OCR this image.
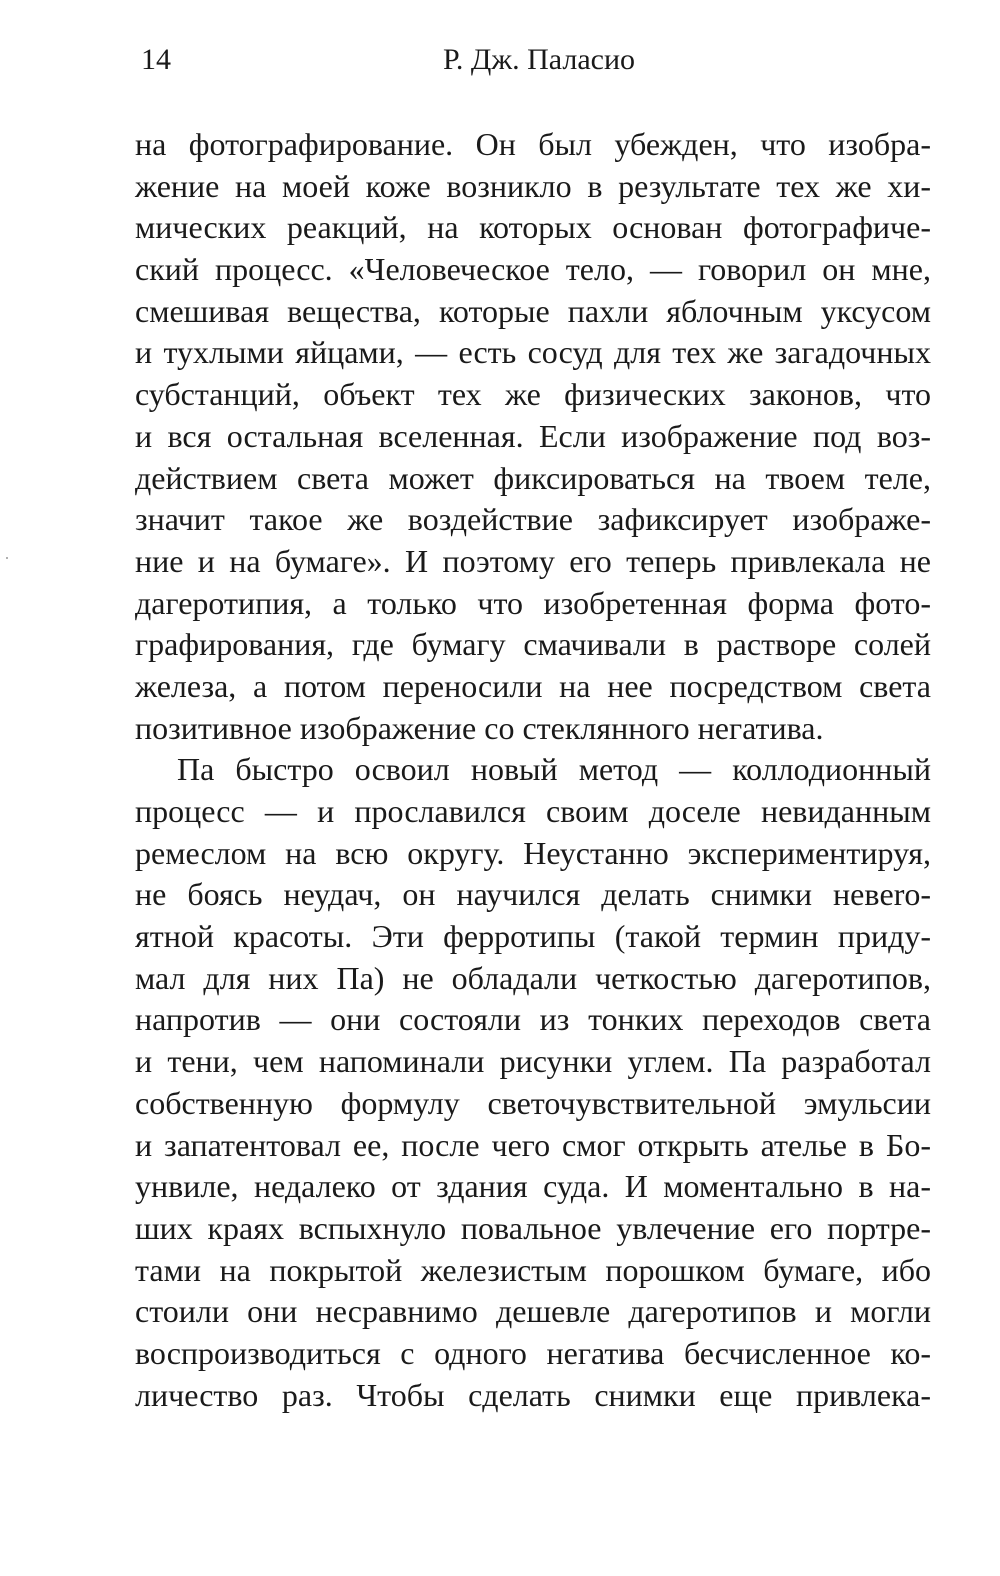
14	Р. Дж. Паласио
на фотографирование. Он был убежден, что изобра-
жение на моей коже возникло в результате тех же хи-
мических реакций, на которых основан фотографиче-
ский процесс. «Человеческое тело, — говорил он мне,
смешивая вещества, которые пахли яблочным уксусом
и тухлыми яйцами, — есть сосуд для тех же загадочных
субстанций, объект тех же физических законов, что
и вся остальная вселенная. Если изображение под воз-
действием света может фиксироваться на твоем теле,
значит такое же воздействие зафиксирует изображе-
ние и на бумаге». И поэтому его теперь привлекала не
дагеротипия, а только что изобретенная форма фото-
графирования, где бумагу смачивали в растворе солей
железа, а потом переносили на нее посредством света
позитивное изображение со стеклянного негатива.
Па быстро освоил новый метод — коллодионный
процесс — и прославился своим доселе невиданным
ремеслом на всю округу. Неустанно экспериментируя,
не боясь неудач, он научился делать снимки невero-
ятной красоты. Эти ферротипы (такой термин приду-
мал для них Па) не обладали четкостью дагеротипов,
напротив — они состояли из тонких переходов света
и тени, чем напоминали рисунки углем. Па разработал
собственную формулу светочувствительной эмульсии
и запатентовал ее, после чего смог открыть ателье в Бо-
унвиле, недалеко от здания суда. И моментально в на-
ших краях вспыхнуло повальное увлечение его портре-
тами на покрытой железистым порошком бумаге, ибо
стоили они несравнимо дешевле дагеротипов и могли
воспроизводиться с одного негатива бесчисленное ко-
личество раз. Чтобы сделать снимки еще привлека-
